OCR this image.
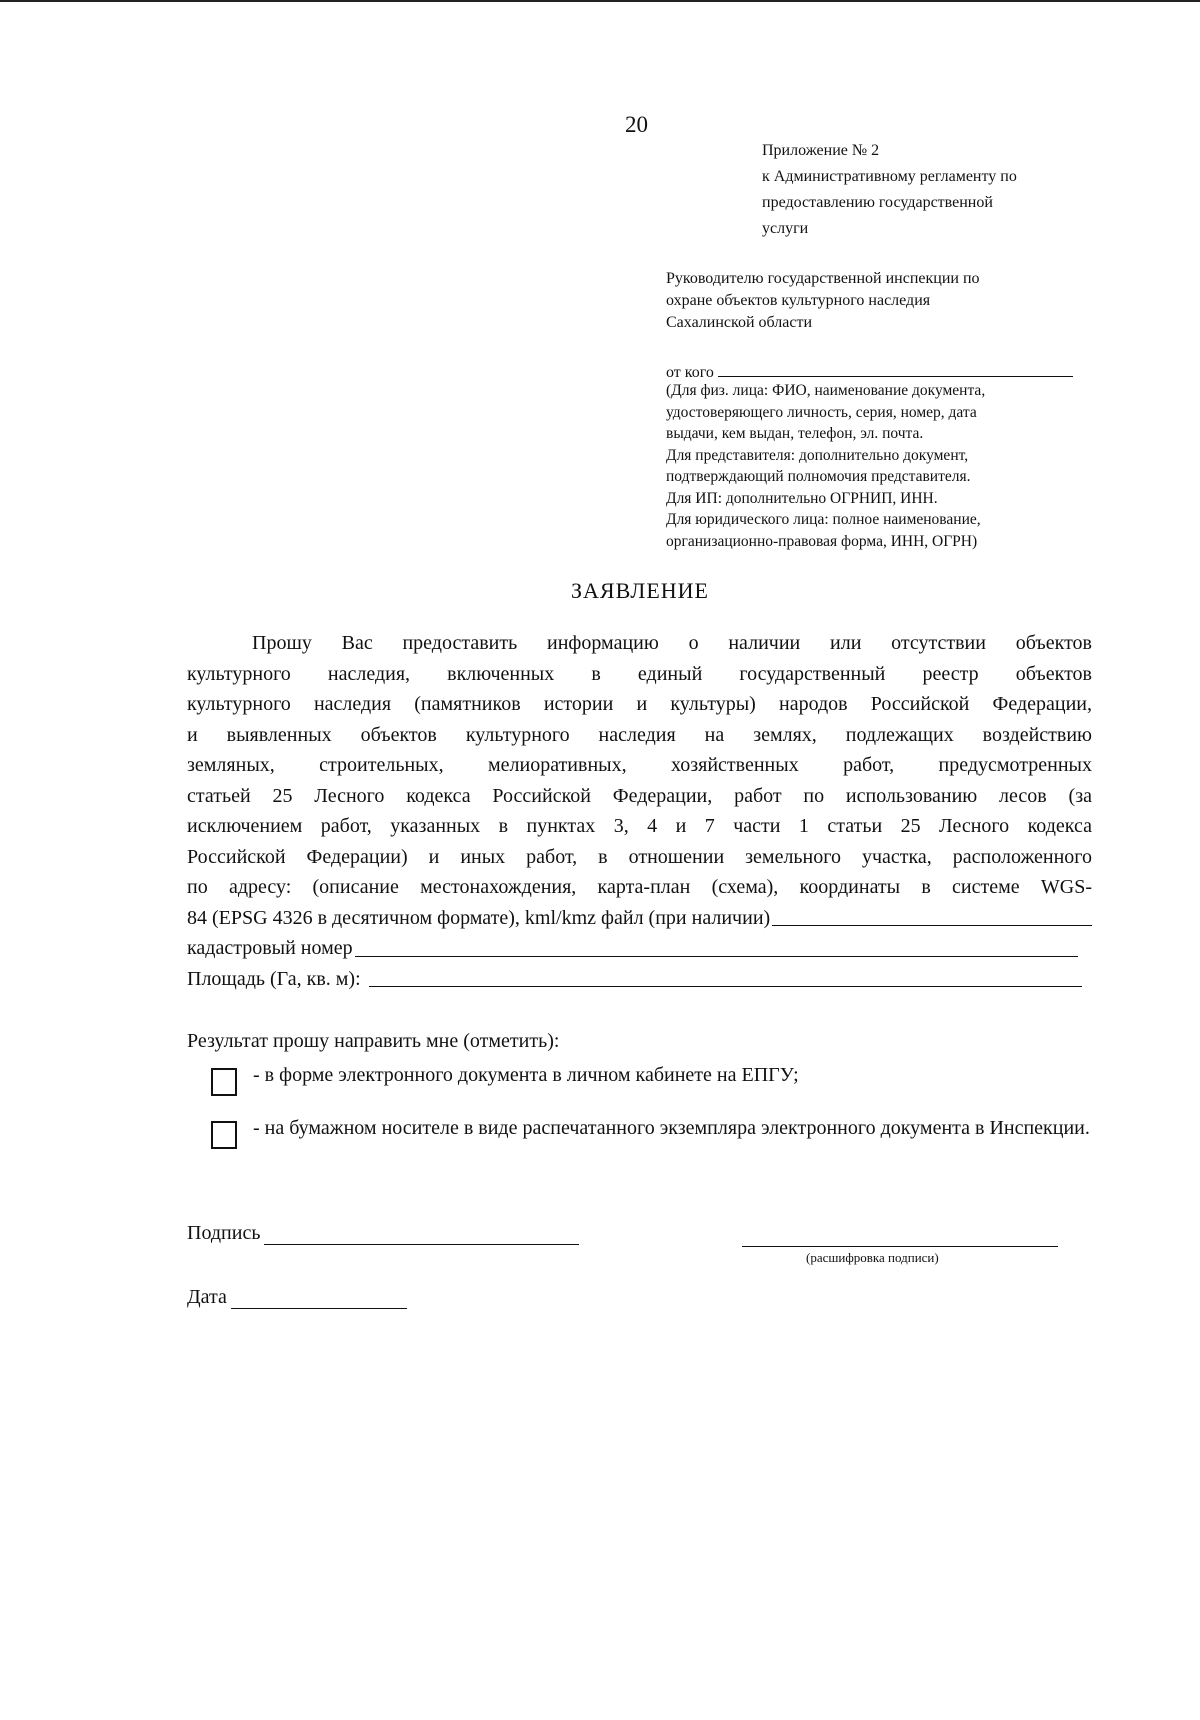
20
Приложение № 2
к Административному регламенту по
предоставлению государственной
услуги
Руководителю государственной инспекции по
охране объектов культурного наследия
Сахалинской области
от кого
(Для физ. лица: ФИО, наименование документа,
удостоверяющего личность, серия, номер, дата
выдачи, кем выдан, телефон, эл. почта.
Для представителя: дополнительно документ,
подтверждающий полномочия представителя.
Для ИП: дополнительно ОГРНИП, ИНН.
Для юридического лица: полное наименование,
организационно-правовая форма, ИНН, ОГРН)
ЗАЯВЛЕНИЕ
Прошу Вас предоставить информацию о наличии или отсутствии объектов
культурного наследия, включенных в единый государственный реестр объектов
культурного наследия (памятников истории и культуры) народов Российской Федерации,
и выявленных объектов культурного наследия на землях, подлежащих воздействию
земляных, строительных, мелиоративных, хозяйственных работ, предусмотренных
статьей 25 Лесного кодекса Российской Федерации, работ по использованию лесов (за
исключением работ, указанных в пунктах 3, 4 и 7 части 1 статьи 25 Лесного кодекса
Российской Федерации) и иных работ, в отношении земельного участка, расположенного
по адресу: (описание местонахождения, карта-план (схема), координаты в системе WGS-
84 (EPSG 4326 в десятичном формате), kml/kmz файл (при наличии)
кадастровый номер
Площадь (Га, кв. м):
Результат прошу направить мне (отметить):
- в форме электронного документа в личном кабинете на ЕПГУ;
- на бумажном носителе в виде распечатанного экземпляра электронного документа в Инспекции.
Подпись
(расшифровка подписи)
Дата
